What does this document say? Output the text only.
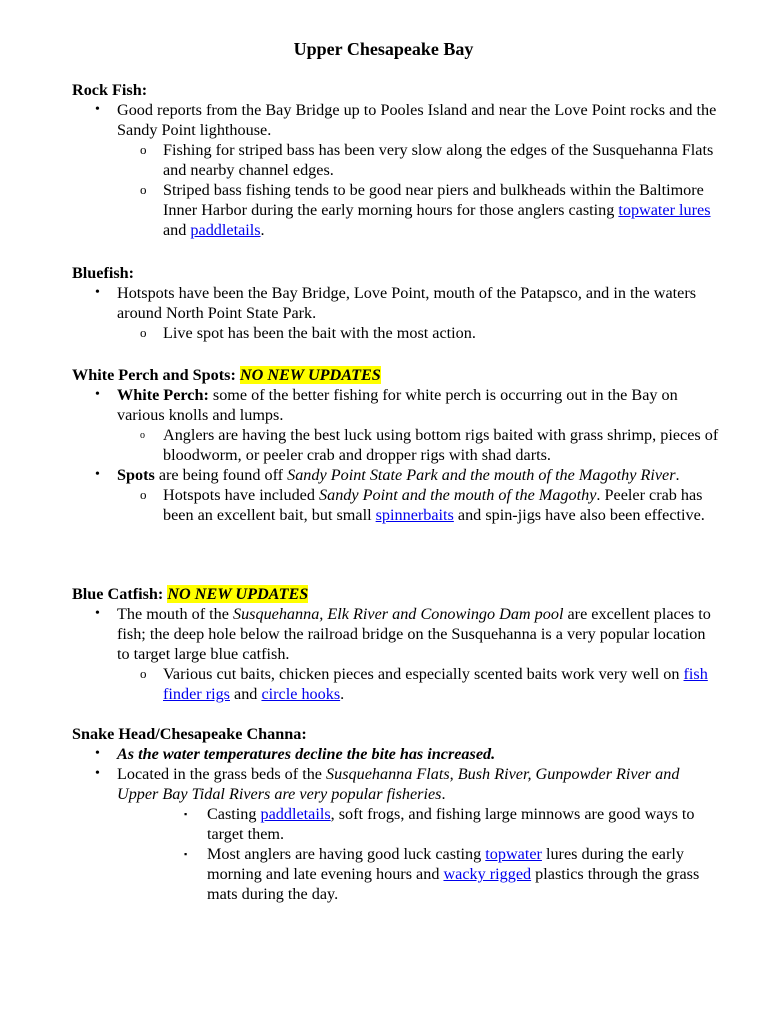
Upper Chesapeake Bay
Rock Fish:
• Good reports from the Bay Bridge up to Pooles Island and near the Love Point rocks and the Sandy Point lighthouse.
o Fishing for striped bass has been very slow along the edges of the Susquehanna Flats and nearby channel edges.
o Striped bass fishing tends to be good near piers and bulkheads within the Baltimore Inner Harbor during the early morning hours for those anglers casting topwater lures and paddletails.
Bluefish:
• Hotspots have been the Bay Bridge, Love Point, mouth of the Patapsco, and in the waters around North Point State Park.
o Live spot has been the bait with the most action.
White Perch and Spots: NO NEW UPDATES
• White Perch: some of the better fishing for white perch is occurring out in the Bay on various knolls and lumps.
o Anglers are having the best luck using bottom rigs baited with grass shrimp, pieces of bloodworm, or peeler crab and dropper rigs with shad darts.
• Spots are being found off Sandy Point State Park and the mouth of the Magothy River.
o Hotspots have included Sandy Point and the mouth of the Magothy. Peeler crab has been an excellent bait, but small spinnerbaits and spin-jigs have also been effective.
Blue Catfish: NO NEW UPDATES
• The mouth of the Susquehanna, Elk River and Conowingo Dam pool are excellent places to fish; the deep hole below the railroad bridge on the Susquehanna is a very popular location to target large blue catfish.
o Various cut baits, chicken pieces and especially scented baits work very well on fish finder rigs and circle hooks.
Snake Head/Chesapeake Channa:
• As the water temperatures decline the bite has increased.
• Located in the grass beds of the Susquehanna Flats, Bush River, Gunpowder River and Upper Bay Tidal Rivers are very popular fisheries.
▪ Casting paddletails, soft frogs, and fishing large minnows are good ways to target them.
▪ Most anglers are having good luck casting topwater lures during the early morning and late evening hours and wacky rigged plastics through the grass mats during the day.
